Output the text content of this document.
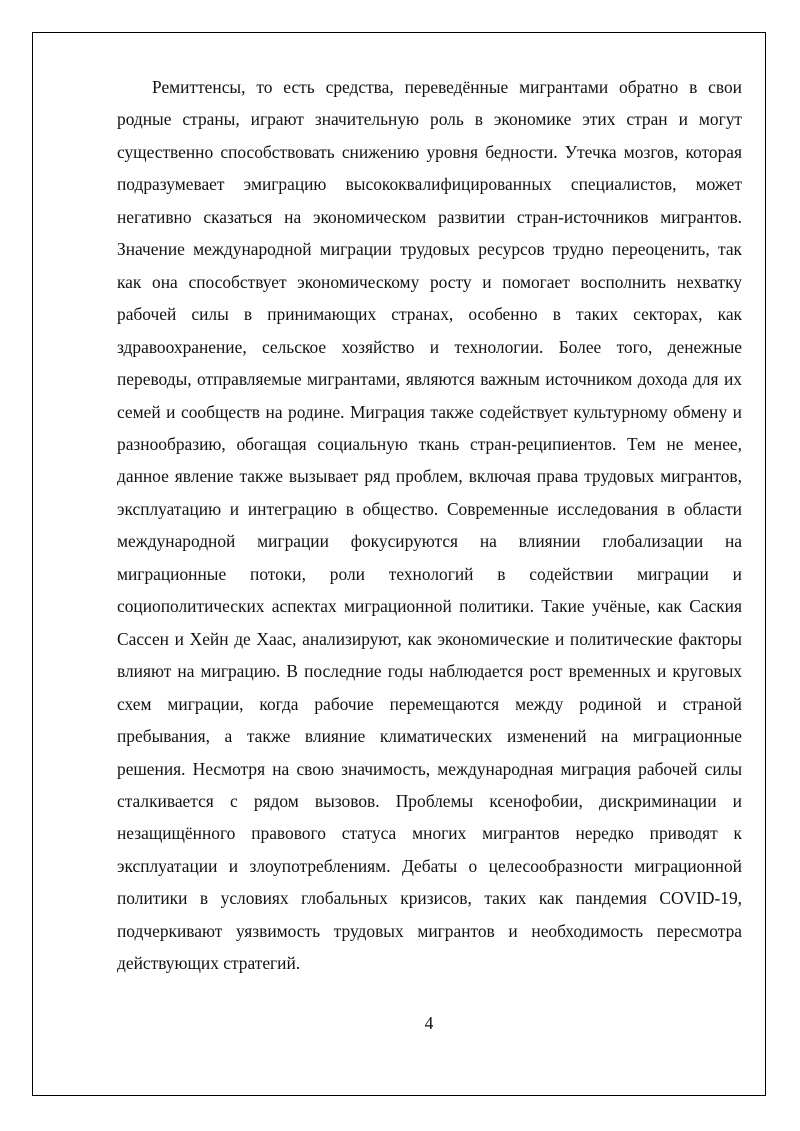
Ремиттенсы, то есть средства, переведённые мигрантами обратно в свои родные страны, играют значительную роль в экономике этих стран и могут существенно способствовать снижению уровня бедности. Утечка мозгов, которая подразумевает эмиграцию высококвалифицированных специалистов, может негативно сказаться на экономическом развитии стран-источников мигрантов. Значение международной миграции трудовых ресурсов трудно переоценить, так как она способствует экономическому росту и помогает восполнить нехватку рабочей силы в принимающих странах, особенно в таких секторах, как здравоохранение, сельское хозяйство и технологии. Более того, денежные переводы, отправляемые мигрантами, являются важным источником дохода для их семей и сообществ на родине. Миграция также содействует культурному обмену и разнообразию, обогащая социальную ткань стран-реципиентов. Тем не менее, данное явление также вызывает ряд проблем, включая права трудовых мигрантов, эксплуатацию и интеграцию в общество. Современные исследования в области международной миграции фокусируются на влиянии глобализации на миграционные потоки, роли технологий в содействии миграции и социополитических аспектах миграционной политики. Такие учёные, как Саския Сассен и Хейн де Хаас, анализируют, как экономические и политические факторы влияют на миграцию. В последние годы наблюдается рост временных и круговых схем миграции, когда рабочие перемещаются между родиной и страной пребывания, а также влияние климатических изменений на миграционные решения. Несмотря на свою значимость, международная миграция рабочей силы сталкивается с рядом вызовов. Проблемы ксенофобии, дискриминации и незащищённого правового статуса многих мигрантов нередко приводят к эксплуатации и злоупотреблениям. Дебаты о целесообразности миграционной политики в условиях глобальных кризисов, таких как пандемия COVID-19, подчеркивают уязвимость трудовых мигрантов и необходимость пересмотра действующих стратегий.

4
